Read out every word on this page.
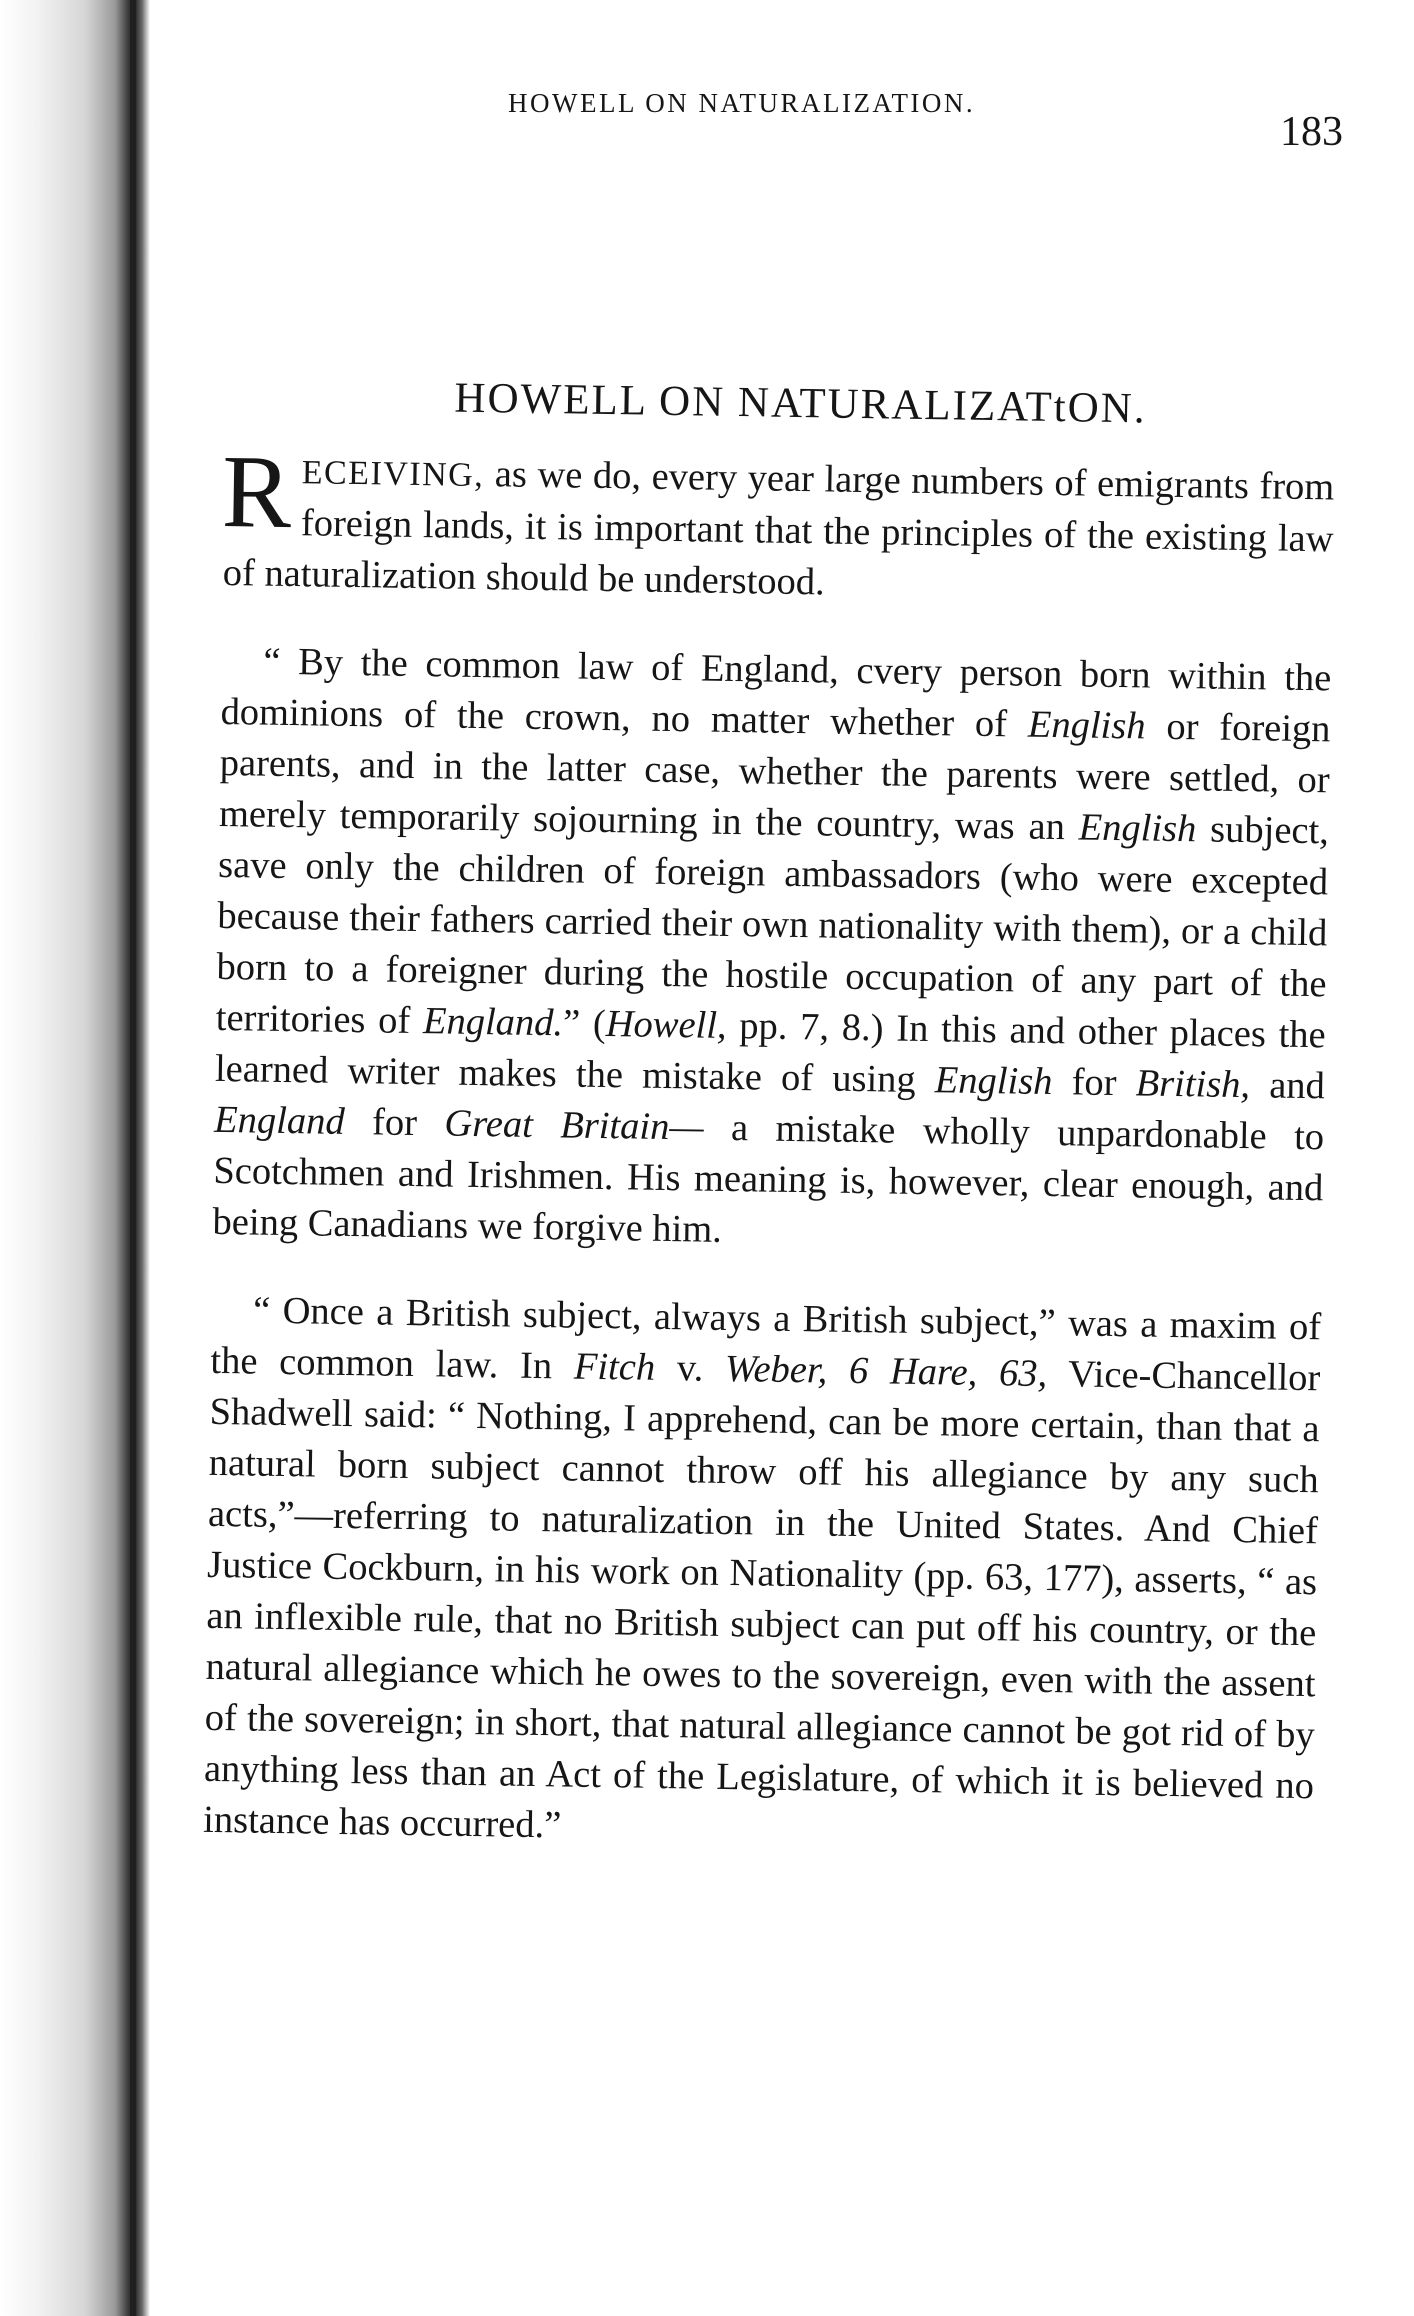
HOWELL ON NATURALIZATION.
183
HOWELL ON NATURALIZATtON.

RECEIVING, as we do, every year large numbers of emigrants from foreign lands, it is important that the principles of the existing law of naturalization should be understood.

“ By the common law of England, cvery person born within the dominions of the crown, no matter whether of English or foreign parents, and in the latter case, whether the parents were settled, or merely temporarily sojourning in the country, was an English subject, save only the children of foreign ambassadors (who were excepted because their fathers carried their own nationality with them), or a child born to a foreigner during the hostile occupation of any part of the territories of England.” (Howell, pp. 7, 8.) In this and other places the learned writer makes the mistake of using English for British, and England for Great Britain— a mistake wholly unpardonable to Scotchmen and Irishmen. His meaning is, however, clear enough, and being Canadians we forgive him.

“ Once a British subject, always a British subject,” was a maxim of the common law. In Fitch v. Weber, 6 Hare, 63, Vice-Chancellor Shadwell said: “ Nothing, I apprehend, can be more certain, than that a natural born subject cannot throw off his allegiance by any such acts,”—referring to naturalization in the United States. And Chief Justice Cockburn, in his work on Nationality (pp. 63, 177), asserts, “ as an inflexible rule, that no British subject can put off his country, or the natural allegiance which he owes to the sovereign, even with the assent of the sovereign; in short, that natural allegiance cannot be got rid of by anything less than an Act of the Legislature, of which it is believed no instance has occurred.”
